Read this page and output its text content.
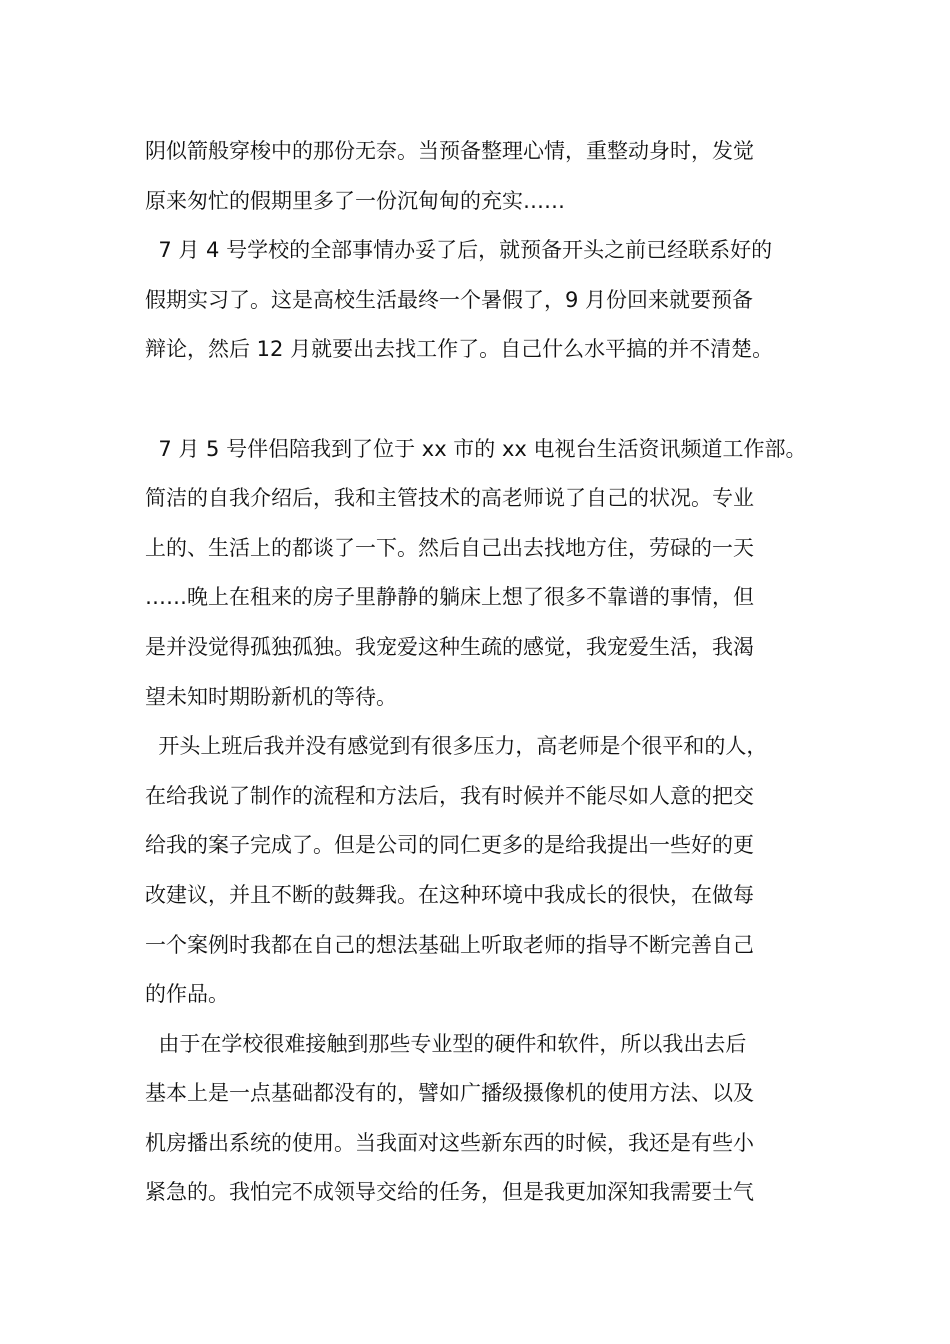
阴似箭般穿梭中的那份无奈。当预备整理心情，重整动身时，发觉
原来匆忙的假期里多了一份沉甸甸的充实……
7 月 4 号学校的全部事情办妥了后，就预备开头之前已经联系好的
假期实习了。这是高校生活最终一个暑假了，9 月份回来就要预备
辩论，然后 12 月就要出去找工作了。自己什么水平搞的并不清楚。
7 月 5 号伴侣陪我到了位于 xx 市的 xx 电视台生活资讯频道工作部。
简洁的自我介绍后，我和主管技术的高老师说了自己的状况。专业
上的、生活上的都谈了一下。然后自己出去找地方住，劳碌的一天
……晚上在租来的房子里静静的躺床上想了很多不靠谱的事情，但
是并没觉得孤独孤独。我宠爱这种生疏的感觉，我宠爱生活，我渴
望未知时期盼新机的等待。
开头上班后我并没有感觉到有很多压力，高老师是个很平和的人，
在给我说了制作的流程和方法后，我有时候并不能尽如人意的把交
给我的案子完成了。但是公司的同仁更多的是给我提出一些好的更
改建议，并且不断的鼓舞我。在这种环境中我成长的很快，在做每
一个案例时我都在自己的想法基础上听取老师的指导不断完善自己
的作品。
由于在学校很难接触到那些专业型的硬件和软件，所以我出去后
基本上是一点基础都没有的，譬如广播级摄像机的使用方法、以及
机房播出系统的使用。当我面对这些新东西的时候，我还是有些小
紧急的。我怕完不成领导交给的任务，但是我更加深知我需要士气
